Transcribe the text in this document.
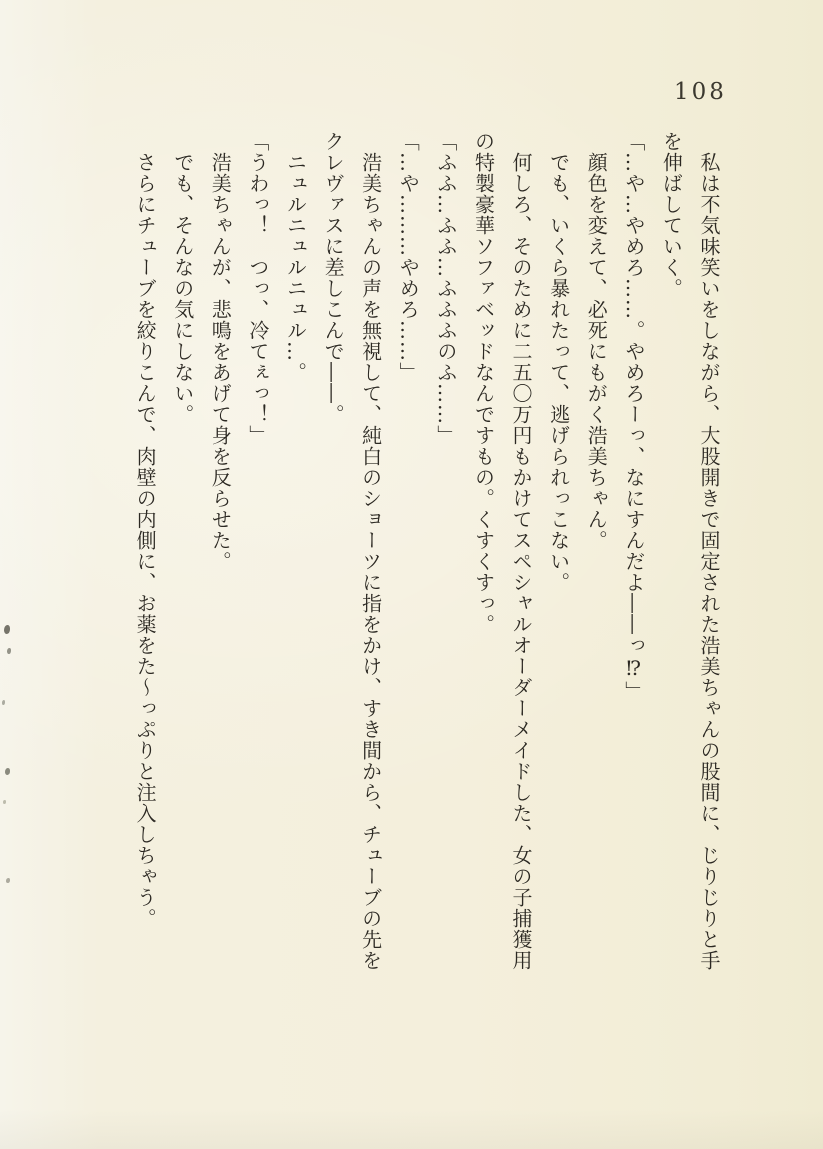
108

　私は不気味笑いをしながら、大股開きで固定された浩美ちゃんの股間に、じりじりと手

を伸ばしていく。

「…や…やめろ……。やめろーっ、なにすんだよ――っ⁉」

　顔色を変えて、必死にもがく浩美ちゃん。

　でも、いくら暴れたって、逃げられっこない。

　何しろ、そのために二五〇万円もかけてスペシャルオーダーメイドした、女の子捕獲用

の特製豪華ソファベッドなんですもの。くすくすっ。

「ふふ…ふふ…ふふふのふ……」

「…や………やめろ……」

　浩美ちゃんの声を無視して、純白のショーツに指をかけ、すき間から、チューブの先を

クレヴァスに差しこんで――。

　ニュルニュルニュル…。

「うわっ！　つっ、冷てぇっ！」

　浩美ちゃんが、悲鳴をあげて身を反らせた。

　でも、そんなの気にしない。

　さらにチューブを絞りこんで、肉壁の内側に、お薬をた〜っぷりと注入しちゃう。
